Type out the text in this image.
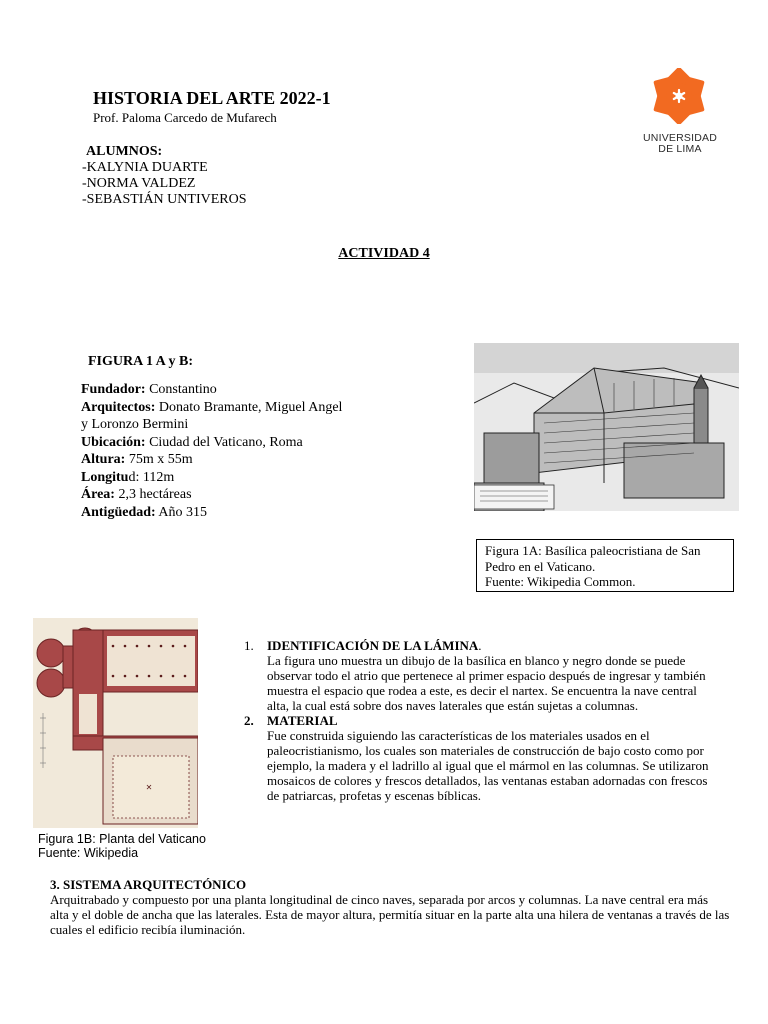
HISTORIA DEL ARTE 2022-1
Prof. Paloma Carcedo de Mufarech
ALUMNOS:
-KALYNIA DUARTE
-NORMA VALDEZ
-SEBASTIÁN UNTIVEROS
UNIVERSIDAD
DE LIMA
ACTIVIDAD 4
FIGURA 1 A y B:
Fundador: Constantino
Arquitectos: Donato Bramante, Miguel Angel y Loronzo Bermini
Ubicación: Ciudad del Vaticano, Roma
Altura: 75m x 55m
Longitud: 112m
Área: 2,3 hectáreas
Antigüedad: Año 315
Figura 1A: Basílica paleocristiana de San Pedro en el Vaticano.
Fuente: Wikipedia Common.
✕
Figura 1B: Planta del Vaticano
Fuente: Wikipedia
1. IDENTIFICACIÓN DE LA LÁMINA.
La figura uno muestra un dibujo de la basílica en blanco y negro donde se puede observar todo el atrio que pertenece al primer espacio después de ingresar y también muestra el espacio que rodea a este, es decir el nartex. Se encuentra la nave central alta, la cual está sobre dos naves laterales que están sujetas a columnas.
2. MATERIAL
Fue construida siguiendo las características de los materiales usados en el paleocristianismo, los cuales son materiales de construcción de bajo costo como por ejemplo, la madera y el ladrillo al igual que el mármol en las columnas. Se utilizaron mosaicos de colores y frescos detallados, las ventanas estaban adornadas con frescos de patriarcas, profetas y escenas bíblicas.
3. SISTEMA ARQUITECTÓNICO
Arquitrabado y compuesto por una planta longitudinal de cinco naves, separada por arcos y columnas. La nave central era más alta y el doble de ancha que las laterales. Esta de mayor altura, permitía situar en la parte alta una hilera de ventanas a través de las cuales el edificio recibía iluminación.
